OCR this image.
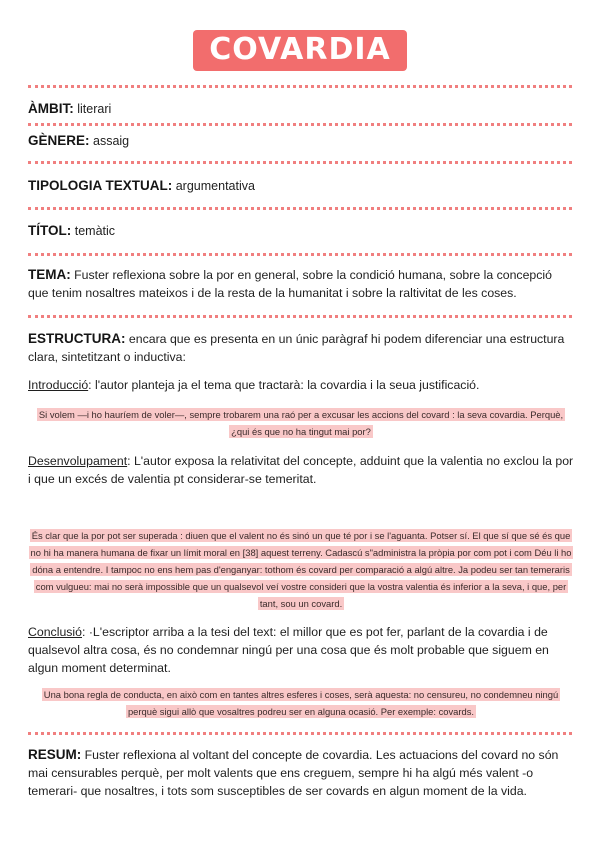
COVARDIA
ÀMBIT: literari
GÈNERE: assaig
TIPOLOGIA TEXTUAL: argumentativa
TÍTOL: temàtic
TEMA: Fuster reflexiona sobre la por en general, sobre la condició humana, sobre la concepció que tenim nosaltres mateixos i de la resta de la humanitat i sobre la raltivitat de les coses.
ESTRUCTURA: encara que es presenta en un únic paràgraf hi podem diferenciar una estructura clara, sintetitzant o inductiva:
Introducció: l'autor planteja ja el tema que tractarà: la covardia i la seua justificació.
Si volem —i ho hauríem de voler—, sempre trobarem una raó per a excusar les accions del covard : la seva covardia. Perquè, ¿qui és que no ha tingut mai por?
Desenvolupament: L'autor exposa la relativitat del concepte, adduint que la valentia no exclou la por i que un excés de valentia pt considerar-se temeritat.
És clar que la por pot ser superada : diuen que el valent no és sinó un que té por i se l'aguanta. Potser sí. El que sí que sé és que no hi ha manera humana de fixar un límit moral en [38] aquest terreny. Cadascú s"administra la pròpia por com pot i com Déu li ho dóna a entendre. I tampoc no ens hem pas d'enganyar: tothom és covard per comparació a algú altre. Ja podeu ser tan temeraris com vulgueu: mai no serà impossible que un qualsevol veí vostre consideri que la vostra valentia és inferior a la seva, i que, per tant, sou un covard.
Conclusió: ·L'escriptor arriba a la tesi del text: el millor que es pot fer, parlant de la covardia i de qualsevol altra cosa, és no condemnar ningú per una cosa que és molt probable que siguem en algun moment determinat.
Una bona regla de conducta, en això com en tantes altres esferes i coses, serà aquesta: no censureu, no condemneu ningú perquè sigui allò que vosaltres podreu ser en alguna ocasió. Per exemple: covards.
RESUM: Fuster reflexiona al voltant del concepte de covardia. Les actuacions del covard no són mai censurables perquè, per molt valents que ens creguem, sempre hi ha algú més valent -o temerari- que nosaltres, i tots som susceptibles de ser covards en algun moment de la vida.
